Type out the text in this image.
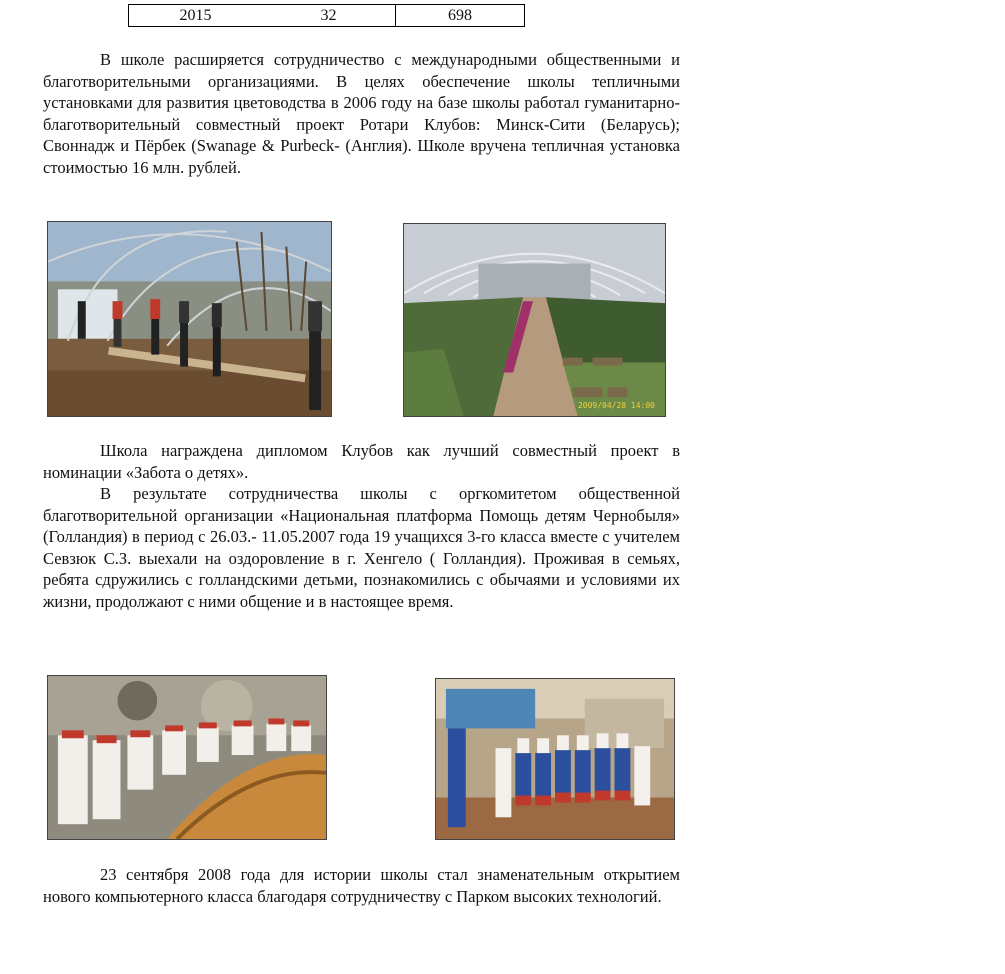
2015	32	698

В школе расширяется сотрудничество с международными общественными и благотворительными организациями. В целях обеспечение школы тепличными установками для развития цветоводства в 2006 году на базе школы работал гуманитарно-благотворительный совместный проект Ротари Клубов: Минск-Сити (Беларусь); Своннадж и Пёрбек (Swanage & Purbeck- (Англия). Школе вручена тепличная установка стоимостью 16 млн. рублей.

2009/04/28 14:00

Школа награждена дипломом Клубов как лучший совместный проект в номинации «Забота о детях».

В результате сотрудничества школы с оргкомитетом общественной благотворительной организации «Национальная платформа Помощь детям Чернобыля» (Голландия) в период с 26.03.- 11.05.2007 года 19 учащихся 3-го класса вместе с учителем Севзюк С.З. выехали на оздоровление в г. Хенгело ( Голландия). Проживая в семьях, ребята сдружились с голландскими детьми, познакомились с обычаями и условиями их жизни, продолжают с ними общение и в настоящее время.

23 сентября 2008 года для истории школы стал знаменательным открытием нового компьютерного класса благодаря сотрудничеству с Парком высоких технологий.
